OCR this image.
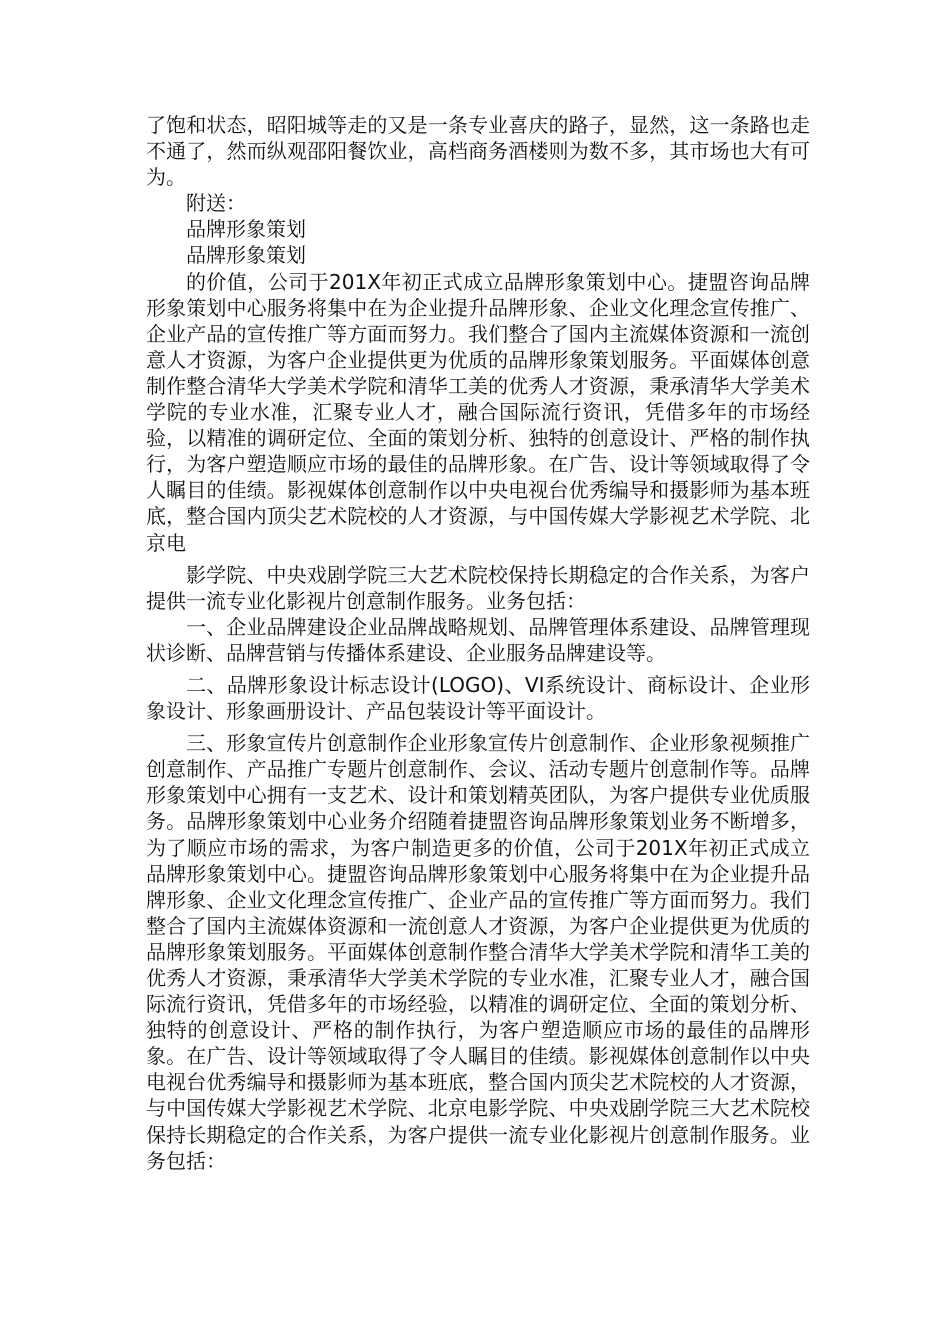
了饱和状态，昭阳城等走的又是一条专业喜庆的路子，显然，这一条路也走不通了，然而纵观邵阳餐饮业，高档商务酒楼则为数不多，其市场也大有可为。

附送：

品牌形象策划

品牌形象策划

的价值，公司于201X年初正式成立品牌形象策划中心。捷盟咨询品牌形象策划中心服务将集中在为企业提升品牌形象、企业文化理念宣传推广、企业产品的宣传推广等方面而努力。我们整合了国内主流媒体资源和一流创意人才资源，为客户企业提供更为优质的品牌形象策划服务。平面媒体创意制作整合清华大学美术学院和清华工美的优秀人才资源，秉承清华大学美术学院的专业水准，汇聚专业人才，融合国际流行资讯，凭借多年的市场经验，以精准的调研定位、全面的策划分析、独特的创意设计、严格的制作执行，为客户塑造顺应市场的最佳的品牌形象。在广告、设计等领域取得了令人瞩目的佳绩。影视媒体创意制作以中央电视台优秀编导和摄影师为基本班底，整合国内顶尖艺术院校的人才资源，与中国传媒大学影视艺术学院、北京电

影学院、中央戏剧学院三大艺术院校保持长期稳定的合作关系，为客户提供一流专业化影视片创意制作服务。业务包括：

一、企业品牌建设企业品牌战略规划、品牌管理体系建设、品牌管理现状诊断、品牌营销与传播体系建设、企业服务品牌建设等。

二、品牌形象设计标志设计(LOGO)、VI系统设计、商标设计、企业形象设计、形象画册设计、产品包装设计等平面设计。

三、形象宣传片创意制作企业形象宣传片创意制作、企业形象视频推广创意制作、产品推广专题片创意制作、会议、活动专题片创意制作等。品牌形象策划中心拥有一支艺术、设计和策划精英团队，为客户提供专业优质服务。品牌形象策划中心业务介绍随着捷盟咨询品牌形象策划业务不断增多，为了顺应市场的需求，为客户制造更多的价值，公司于201X年初正式成立品牌形象策划中心。捷盟咨询品牌形象策划中心服务将集中在为企业提升品牌形象、企业文化理念宣传推广、企业产品的宣传推广等方面而努力。我们整合了国内主流媒体资源和一流创意人才资源，为客户企业提供更为优质的品牌形象策划服务。平面媒体创意制作整合清华大学美术学院和清华工美的优秀人才资源，秉承清华大学美术学院的专业水准，汇聚专业人才，融合国际流行资讯，凭借多年的市场经验，以精准的调研定位、全面的策划分析、独特的创意设计、严格的制作执行，为客户塑造顺应市场的最佳的品牌形象。在广告、设计等领域取得了令人瞩目的佳绩。影视媒体创意制作以中央电视台优秀编导和摄影师为基本班底，整合国内顶尖艺术院校的人才资源，与中国传媒大学影视艺术学院、北京电影学院、中央戏剧学院三大艺术院校保持长期稳定的合作关系，为客户提供一流专业化影视片创意制作服务。业务包括：
